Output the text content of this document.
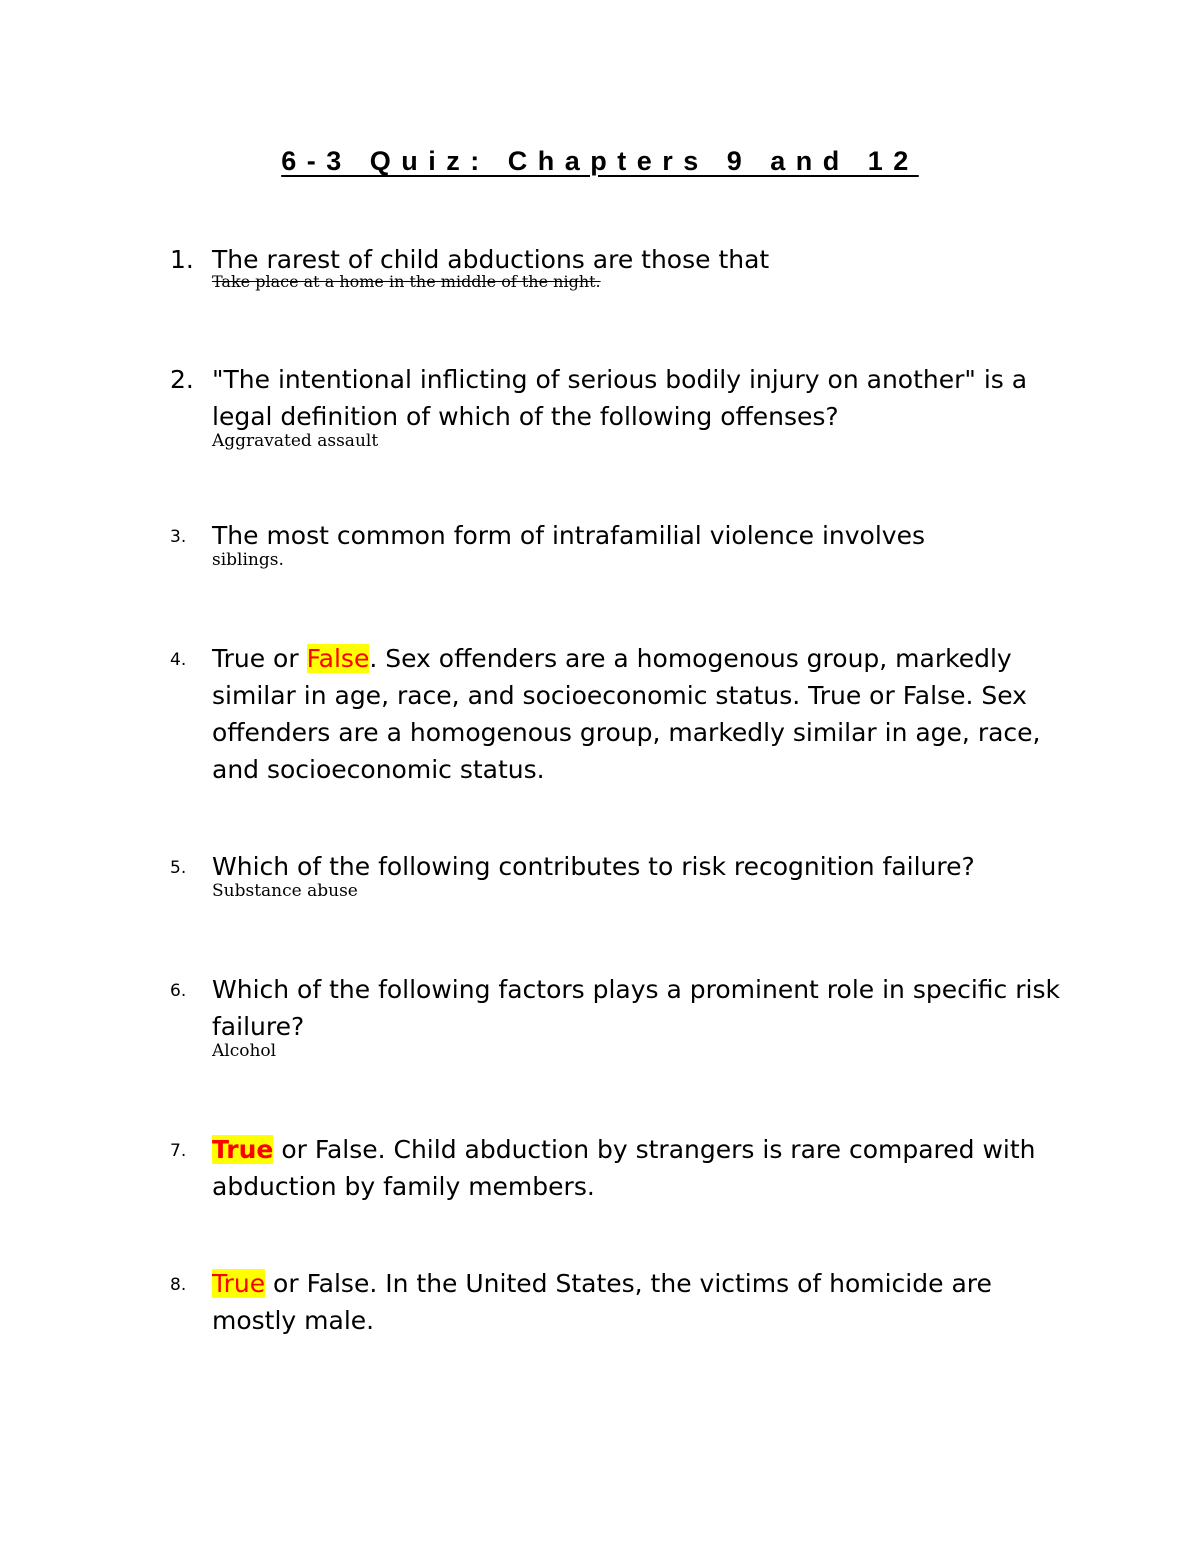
6-3 Quiz: Chapters 9 and 12
1. The rarest of child abductions are those that
Take place at a home in the middle of the night.
2. "The intentional inflicting of serious bodily injury on another" is a legal definition of which of the following offenses?
Aggravated assault
3.	The most common form of intrafamilial violence involves
siblings.
4.	True or False. Sex offenders are a homogenous group, markedly similar in age, race, and socioeconomic status. True or False. Sex offenders are a homogenous group, markedly similar in age, race, and socioeconomic status.
5.	Which of the following contributes to risk recognition failure?
Substance abuse
6.	Which of the following factors plays a prominent role in specific risk failure?
Alcohol
7.	True or False. Child abduction by strangers is rare compared with abduction by family members.
8.	True or False. In the United States, the victims of homicide are mostly male.
